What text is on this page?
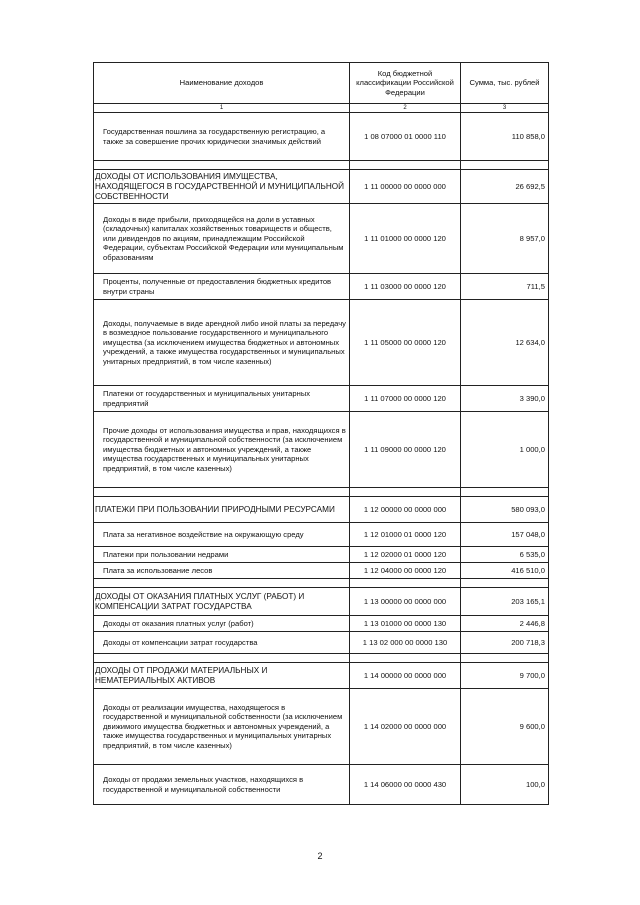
Наименование доходов	Код бюджетной классификации Российской Федерации	Сумма, тыс. рублей
1	2	3
Государственная пошлина за государственную регистрацию, а также за совершение прочих юридически значимых действий	1 08 07000 01 0000 110	110 858,0

ДОХОДЫ ОТ ИСПОЛЬЗОВАНИЯ ИМУЩЕСТВА, НАХОДЯЩЕГОСЯ В ГОСУДАРСТВЕННОЙ И МУНИЦИПАЛЬНОЙ СОБСТВЕННОСТИ	1 11 00000 00 0000 000	26 692,5
Доходы в виде прибыли, приходящейся на доли в уставных (складочных) капиталах хозяйственных товариществ и обществ, или дивидендов по акциям, принадлежащим Российской Федерации, субъектам Российской Федерации или муниципальным образованиям	1 11 01000 00 0000 120	8 957,0
Проценты, полученные от предоставления бюджетных кредитов внутри страны	1 11 03000 00 0000 120	711,5
Доходы, получаемые в виде арендной либо иной платы за передачу в возмездное пользование государственного и муниципального имущества (за исключением имущества бюджетных и автономных учреждений, а также имущества государственных и муниципальных унитарных предприятий, в том числе казенных)	1 11 05000 00 0000 120	12 634,0
Платежи от государственных и муниципальных унитарных предприятий	1 11 07000 00 0000 120	3 390,0
Прочие доходы от использования имущества и прав, находящихся в государственной и муниципальной собственности (за исключением имущества бюджетных и автономных учреждений, а также имущества государственных и муниципальных унитарных предприятий, в том числе казенных)	1 11 09000 00 0000 120	1 000,0

ПЛАТЕЖИ ПРИ ПОЛЬЗОВАНИИ ПРИРОДНЫМИ РЕСУРСАМИ	1 12 00000 00 0000 000	580 093,0
Плата за негативное воздействие на окружающую среду	1 12 01000 01 0000 120	157 048,0
Платежи при пользовании недрами	1 12 02000 01 0000 120	6 535,0
Плата за использование лесов	1 12 04000 00 0000 120	416 510,0

ДОХОДЫ ОТ ОКАЗАНИЯ ПЛАТНЫХ УСЛУГ (РАБОТ) И КОМПЕНСАЦИИ ЗАТРАТ ГОСУДАРСТВА	1 13 00000 00 0000 000	203 165,1
Доходы от оказания платных услуг (работ)	1 13 01000 00 0000 130	2 446,8
Доходы от компенсации затрат государства	1 13 02 000 00 0000 130	200 718,3

ДОХОДЫ ОТ ПРОДАЖИ МАТЕРИАЛЬНЫХ И НЕМАТЕРИАЛЬНЫХ АКТИВОВ	1 14 00000 00 0000 000	9 700,0
Доходы от реализации имущества, находящегося в государственной и муниципальной собственности (за исключением движимого имущества бюджетных и автономных учреждений, а также имущества государственных и муниципальных унитарных предприятий, в том числе казенных)	1 14 02000 00 0000 000	9 600,0
Доходы от продажи земельных участков, находящихся в государственной и муниципальной собственности	1 14 06000 00 0000 430	100,0
2
